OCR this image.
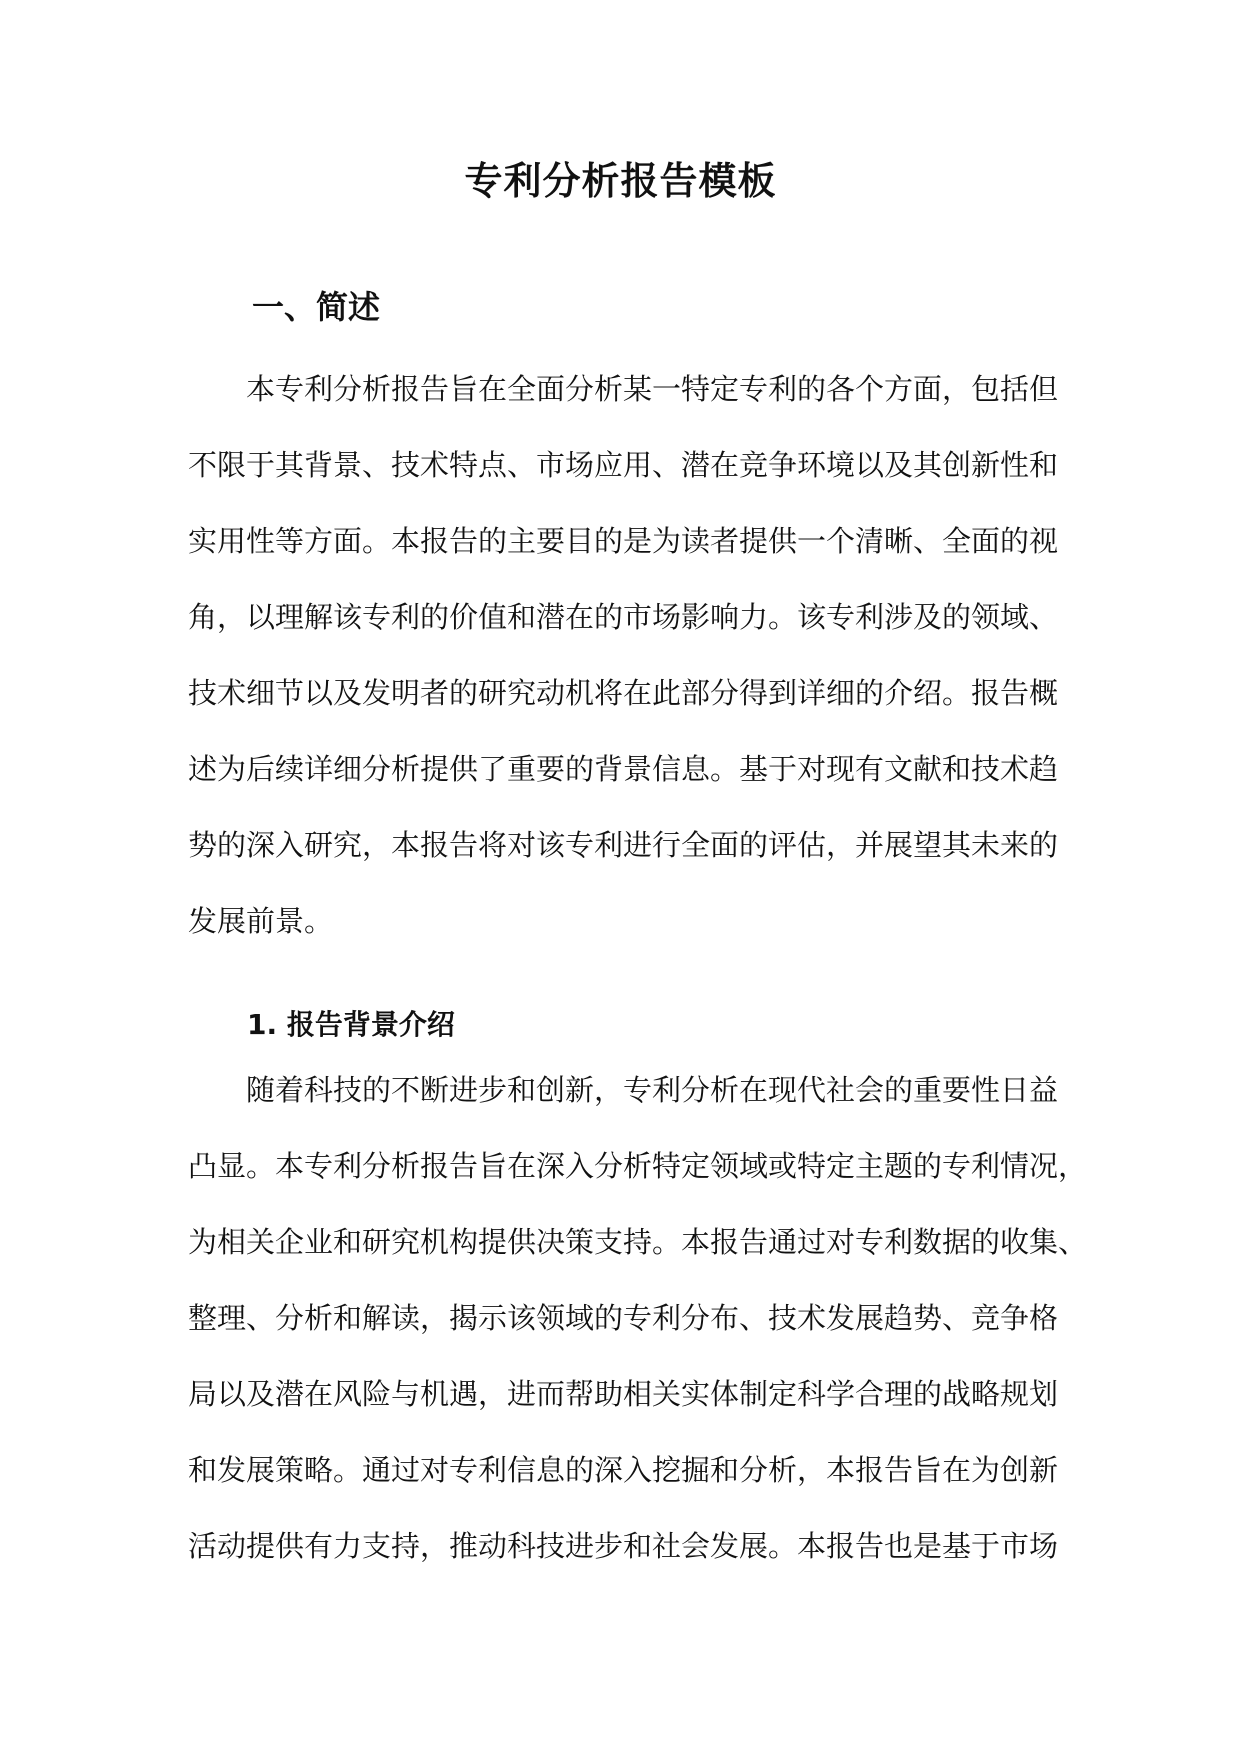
专利分析报告模板
一、简述

本专利分析报告旨在全面分析某一特定专利的各个方面，包括但
不限于其背景、技术特点、市场应用、潜在竞争环境以及其创新性和
实用性等方面。本报告的主要目的是为读者提供一个清晰、全面的视
角，以理解该专利的价值和潜在的市场影响力。该专利涉及的领域、
技术细节以及发明者的研究动机将在此部分得到详细的介绍。报告概
述为后续详细分析提供了重要的背景信息。基于对现有文献和技术趋
势的深入研究，本报告将对该专利进行全面的评估，并展望其未来的
发展前景。

1. 报告背景介绍

随着科技的不断进步和创新，专利分析在现代社会的重要性日益
凸显。本专利分析报告旨在深入分析特定领域或特定主题的专利情况，
为相关企业和研究机构提供决策支持。本报告通过对专利数据的收集、
整理、分析和解读，揭示该领域的专利分布、技术发展趋势、竞争格
局以及潜在风险与机遇，进而帮助相关实体制定科学合理的战略规划
和发展策略。通过对专利信息的深入挖掘和分析，本报告旨在为创新
活动提供有力支持，推动科技进步和社会发展。本报告也是基于市场
